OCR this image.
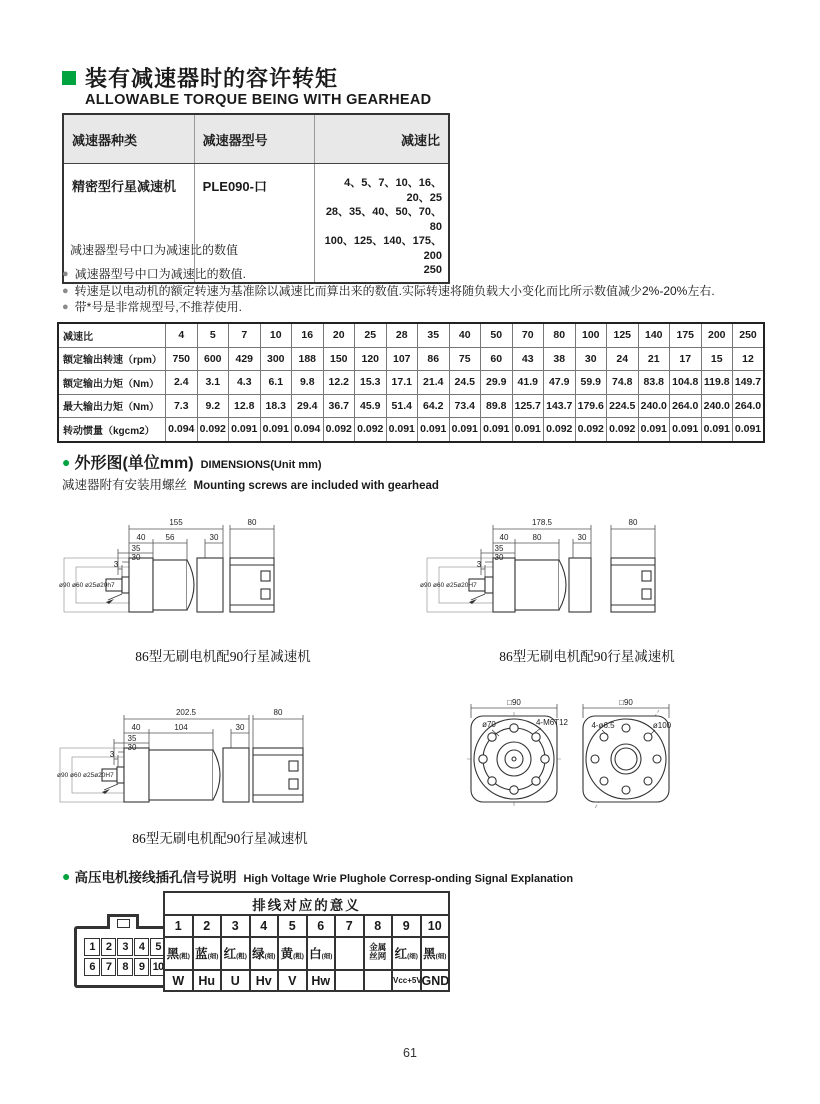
装有减速器时的容许转矩
ALLOWABLE TORQUE BEING WITH GEARHEAD
减速器种类	减速器型号	减速比
精密型行星减速机	PLE090-口	4、5、7、10、16、20、25
28、35、40、50、70、80
100、125、140、175、200
250
减速器型号中口为减速比的数值
● 减速器型号中口为减速比的数值.
● 转速是以电动机的额定转速为基准除以减速比而算出来的数值.实际转速将随负载大小变化而比所示数值减少2%-20%左右.
● 带*号是非常规型号,不推荐使用.
减速比	4	5	7	10	16	20	25	28	35	40	50	70	80	100	125	140	175	200	250
额定输出转速（rpm）	750	600	429	300	188	150	120	107	86	75	60	43	38	30	24	21	17	15	12
额定输出力矩（Nm）	2.4	3.1	4.3	6.1	9.8	12.2	15.3	17.1	21.4	24.5	29.9	41.9	47.9	59.9	74.8	83.8	104.8	119.8	149.7
最大输出力矩（Nm）	7.3	9.2	12.8	18.3	29.4	36.7	45.9	51.4	64.2	73.4	89.8	125.7	143.7	179.6	224.5	240.0	264.0	240.0	264.0
转动惯量（kgcm2）	0.094	0.092	0.091	0.091	0.094	0.092	0.092	0.091	0.091	0.091	0.091	0.091	0.092	0.092	0.092	0.091	0.091	0.091	0.091
● 外形图(单位mm) DIMENSIONS(Unit mm)
减速器附有安装用螺丝 Mounting screws are included with gearhead
155	80
40	56	30
35
30
3
ø90 ø60 ø25ø20h7
86型无刷电机配90行星减速机
178.5	80
40	80	30
35
30
3
ø90 ø60 ø25ø20H7
86型无刷电机配90行星减速机
202.5	80
40	104	30
35
30
3
ø90 ø60 ø25ø20H7
86型无刷电机配90行星减速机
□90
ø70	4-M6T12
□90
4-ø6.5	ø100
● 高压电机接线插孔信号说明 High Voltage Wrie Plughole Corresp-onding Signal Explanation
1	2	3	4	5
6	7	8	9 10
排线对应的意义									
1	2	3	4	5	6	7	8	9	10
黑(粗)	蓝(细)	红(粗)	绿(细)	黄(粗)	白(细)		金属丝网	红(细)	黑(细)
W	Hu	U	Hv	V	Hw			Vcc+5V	GND
61
